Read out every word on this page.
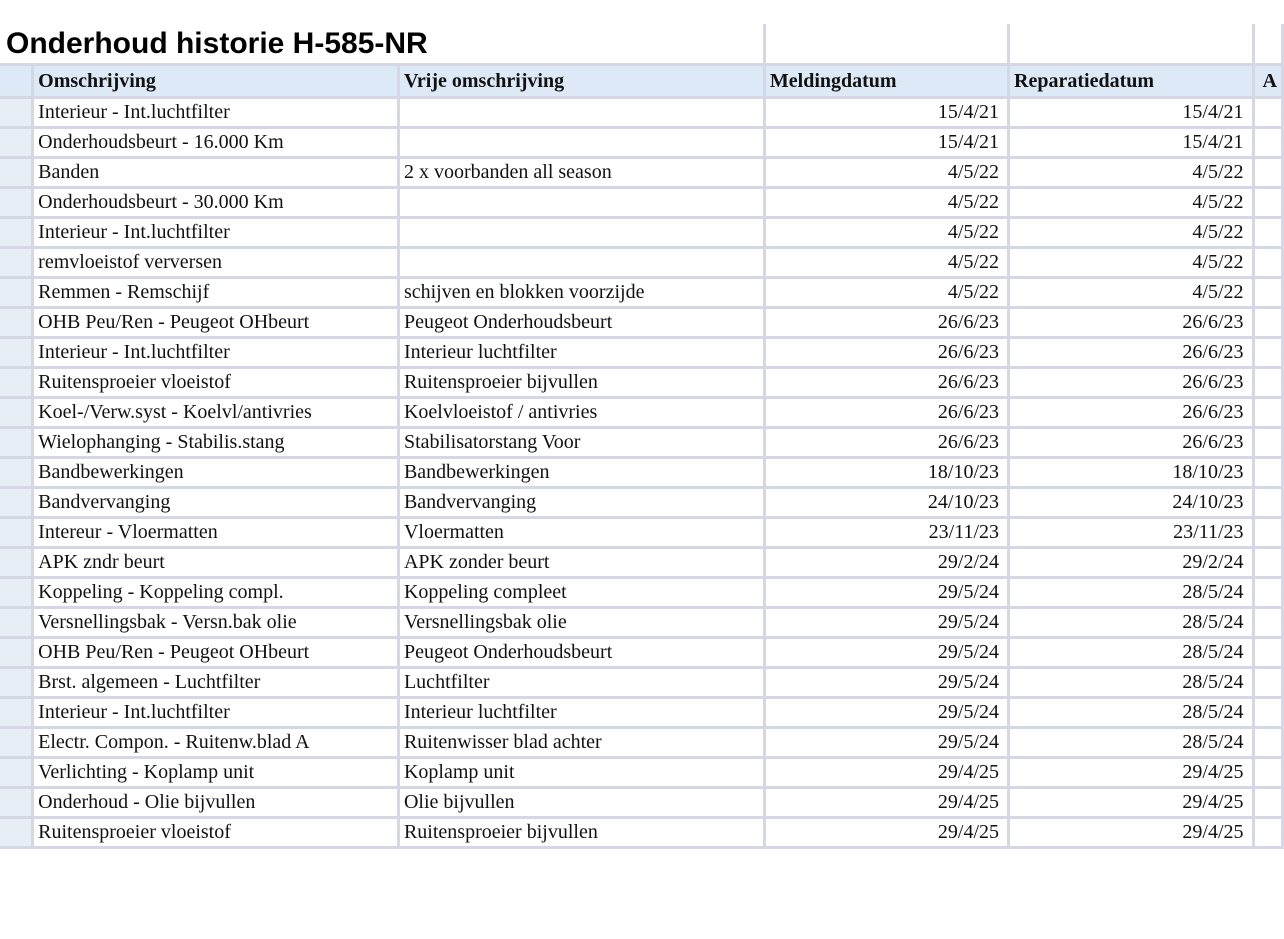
Onderhoud historie H-585-NR					
	Omschrijving	Vrije omschrijving	Meldingdatum	Reparatiedatum	A
	Interieur - Int.luchtfilter		15/4/21	15/4/21	
	Onderhoudsbeurt - 16.000 Km		15/4/21	15/4/21	
	Banden	2 x voorbanden all season	4/5/22	4/5/22	
	Onderhoudsbeurt - 30.000 Km		4/5/22	4/5/22	
	Interieur - Int.luchtfilter		4/5/22	4/5/22	
	remvloeistof verversen		4/5/22	4/5/22	
	Remmen - Remschijf	schijven en blokken voorzijde	4/5/22	4/5/22	
	OHB Peu/Ren - Peugeot OHbeurt	Peugeot Onderhoudsbeurt	26/6/23	26/6/23	
	Interieur - Int.luchtfilter	Interieur luchtfilter	26/6/23	26/6/23	
	Ruitensproeier vloeistof	Ruitensproeier bijvullen	26/6/23	26/6/23	
	Koel-/Verw.syst - Koelvl/antivries	Koelvloeistof / antivries	26/6/23	26/6/23	
	Wielophanging - Stabilis.stang	Stabilisatorstang Voor	26/6/23	26/6/23	
	Bandbewerkingen	Bandbewerkingen	18/10/23	18/10/23	
	Bandvervanging	Bandvervanging	24/10/23	24/10/23	
	Intereur - Vloermatten	Vloermatten	23/11/23	23/11/23	
	APK zndr beurt	APK zonder beurt	29/2/24	29/2/24	
	Koppeling - Koppeling compl.	Koppeling compleet	29/5/24	28/5/24	
	Versnellingsbak - Versn.bak olie	Versnellingsbak olie	29/5/24	28/5/24	
	OHB Peu/Ren - Peugeot OHbeurt	Peugeot Onderhoudsbeurt	29/5/24	28/5/24	
	Brst. algemeen - Luchtfilter	Luchtfilter	29/5/24	28/5/24	
	Interieur - Int.luchtfilter	Interieur luchtfilter	29/5/24	28/5/24	
	Electr. Compon. - Ruitenw.blad A	Ruitenwisser blad achter	29/5/24	28/5/24	
	Verlichting - Koplamp unit	Koplamp unit	29/4/25	29/4/25	
	Onderhoud - Olie bijvullen	Olie bijvullen	29/4/25	29/4/25	
	Ruitensproeier vloeistof	Ruitensproeier bijvullen	29/4/25	29/4/25	
